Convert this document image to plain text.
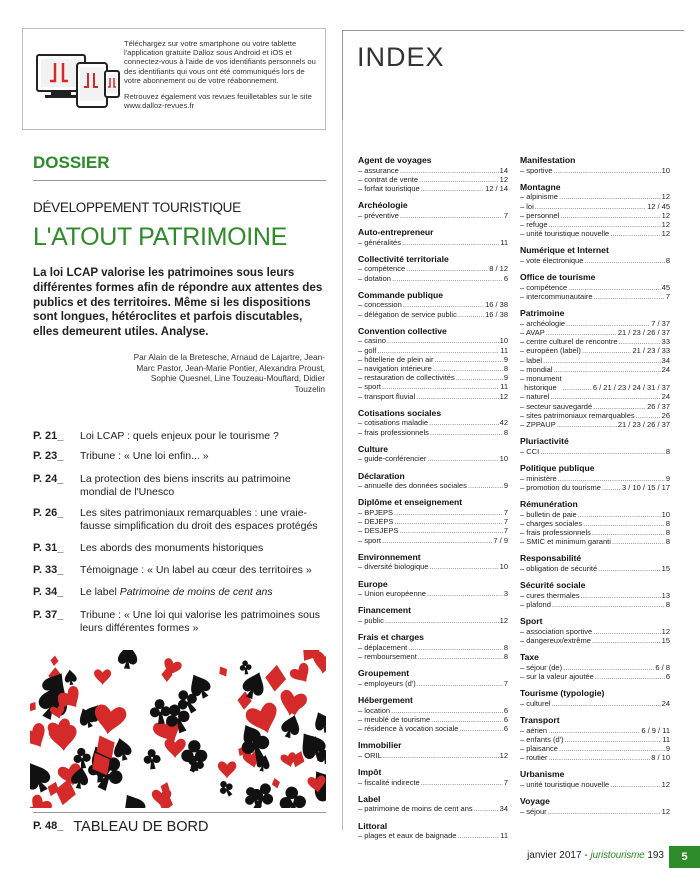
Téléchargez sur votre smartphone ou votre tablette l'application gratuite Dalloz sous Android et iOS et connectez-vous à l'aide de vos identifiants personnels ou des identifiants qui vous ont été communiqués lors de votre abonnement ou de votre réabonnement.

Retrouvez également vos revues feuilletables sur le site www.dalloz-revues.fr

DOSSIER
DÉVELOPPEMENT TOURISTIQUE
L'ATOUT PATRIMOINE
La loi LCAP valorise les patrimoines sous leurs différentes formes afin de répondre aux attentes des publics et des territoires. Même si les dispositions sont longues, hétéroclites et parfois discutables, elles demeurent utiles. Analyse.
Par Alain de la Bretesche, Arnaud de Lajartre, Jean-Marc Pastor, Jean-Marie Pontier, Alexandra Proust, Sophie Quesnel, Line Touzeau-Mouflard, Didier Touzelin
P. 21_ Loi LCAP : quels enjeux pour le tourisme ?
P. 23_ Tribune : « Une loi enfin... »
P. 24_ La protection des biens inscrits au patrimoine mondial de l'Unesco
P. 26_ Les sites patrimoniaux remarquables : une vraie-fausse simplification du droit des espaces protégés
P. 31_ Les abords des monuments historiques
P. 33_ Témoignage : « Un label au cœur des territoires »
P. 34_ Le label Patrimoine de moins de cent ans
P. 37_ Tribune : « Une loi qui valorise les patrimoines sous leurs différentes formes »
P. 48_ TABLEAU DE BORD
INDEX
Agent de voyages
– assurance .....	14
– contrat de vente .....	12
– forfait touristique .....	12 / 14
Archéologie
– préventive .....	7
Auto-entrepreneur
– généralités .....	11
Collectivité territoriale
– compétence .....	8 / 12
– dotation .....	6
Commande publique
– concession .....	16 / 38
– délégation de service public .....	16 / 38
Convention collective
– casino .....	10
– golf .....	11
– hôtellerie de plein air .....	9
– navigation intérieure .....	8
– restauration de collectivités .....	9
– sport .....	11
– transport fluvial .....	12
Cotisations sociales
– cotisations maladie .....	42
– frais professionnels .....	8
Culture
– guide-conférencier .....	10
Déclaration
– annuelle des données sociales .....	9
Diplôme et enseignement
– BPJEPS .....	7
– DEJEPS .....	7
– DESJEPS .....	7
– sport .....	7 / 9
Environnement
– diversité biologique .....	10
Europe
– Union européenne .....	3
Financement
– public .....	12
Frais et charges
– déplacement .....	8
– remboursement .....	8
Groupement
– employeurs (d') .....	7
Hébergement
– location .....	6
– meublé de tourisme .....	6
– résidence à vocation sociale .....	6
Immobilier
– ORIL .....	12
Impôt
– fiscalité indirecte .....	7
Label
– patrimoine de moins de cent ans .....	34
Littoral
– plages et eaux de baignade .....	11
Manifestation
– sportive .....	10
Montagne
– alpinisme .....	12
– loi .....	12 / 45
– personnel .....	12
– refuge .....	12
– unité touristique nouvelle .....	12
Numérique et Internet
– vote électronique .....	8
Office de tourisme
– compétence .....	45
– intercommunautaire .....	7
Patrimoine
– archéologie .....	7 / 37
– AVAP .....	21 / 23 / 26 / 37
– centre culturel de rencontre .....	33
– européen (label) .....	21 / 23 / 33
– label .....	34
– mondial .....	24
– monument
historique .....	6 / 21 / 23 / 24 / 31 / 37
– naturel .....	24
– secteur sauvegardé .....	26 / 37
– sites patrimoniaux remarquables .....	26
– ZPPAUP .....	21 / 23 / 26 / 37
Pluriactivité
– CCI .....	8
Politique publique
– ministère .....	9
– promotion du tourisme .....	3 / 10 / 15 / 17
Rémunération
– bulletin de paie .....	10
– charges sociales .....	8
– frais professionnels .....	8
– SMIC et minimum garanti .....	8
Responsabilité
– obligation de sécurité .....	15
Sécurité sociale
– cures thermales .....	13
– plafond .....	8
Sport
– association sportive .....	12
– dangereux/extrême .....	15
Taxe
– séjour (de) .....	6 / 8
– sur la valeur ajoutée .....	6
Tourisme (typologie)
– culturel .....	24
Transport
– aérien .....	6 / 9 / 11
– enfants (d') .....	11
– plaisance .....	9
– routier .....	8 / 10
Urbanisme
– unité touristique nouvelle .....	12
Voyage
– séjour .....	12
janvier 2017 - juristourisme 193	5
